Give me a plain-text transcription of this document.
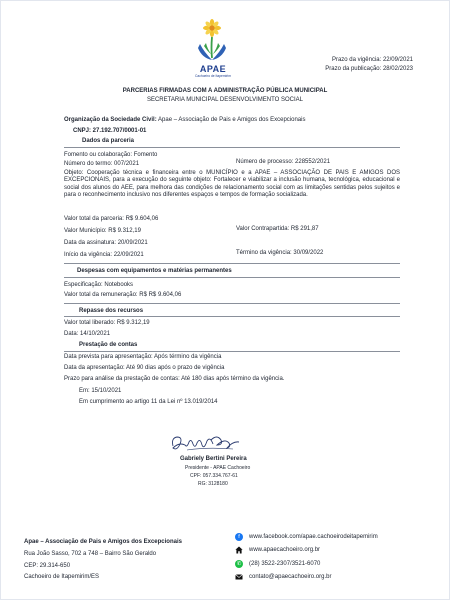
APAE
Cachoeiro de Itapemirim
Prazo da vigência: 22/09/2021
Prazo da publicação: 28/02/2023
PARCERIAS FIRMADAS COM A ADMINISTRAÇÃO PÚBLICA MUNICIPAL
SECRETARIA MUNICIPAL DESENVOLVIMENTO SOCIAL
Organização da Sociedade Civil: Apae – Associação de Pais e Amigos dos Excepcionais
CNPJ: 27.192.707/0001-01
Dados da parceria
Fomento ou colaboração: Fomento
Número do termo: 007/2021	Número de processo: 228552/2021
Objeto: Cooperação técnica e financeira entre o MUNICÍPIO e a APAE – ASSOCIAÇÃO DE PAIS E AMIGOS DOS EXCEPCIONAIS, para a execução do seguinte objeto: Fortalecer e viabilizar a inclusão humana, tecnológica, educacional e social dos alunos do AEE, para melhora das condições de relacionamento social com as limitações sentidas pelos sujeitos e para o reconhecimento inclusivo nos diferentes espaços e tempos de formação socializada.
Valor total da parceria: R$ 9.604,06
Valor Município: R$ 9.312,19	Valor Contrapartida: R$ 291,87
Data da assinatura: 20/09/2021
Início da vigência: 22/09/2021	Término da vigência: 30/09/2022
Despesas com equipamentos e matérias permanentes
Especificação: Notebooks
Valor total da remuneração: R$ R$ 9.604,06
Repasse dos recursos
Valor total liberado: R$ 9.312,19
Data: 14/10/2021
Prestação de contas
Data prevista para apresentação: Após término da vigência
Data da apresentação: Até 90 dias após o prazo de vigência
Prazo para análise da prestação de contas: Até 180 dias após término da vigência.
Em: 15/10/2021
Em cumprimento ao artigo 11 da Lei nº 13.019/2014
Gabriely Bertini Pereira
Presidente - APAE Cachoeiro
CPF: 057.334.767-61
RG: 3128180
Apae – Associação de Pais e Amigos dos Excepcionais
Rua João Sasso, 702 a 748 – Bairro São Geraldo
CEP: 29.314-650
Cachoeiro de Itapemirim/ES
f	www.facebook.com/apae.cachoeirodeitapemirim
www.apaecachoeiro.org.br
✆ (28) 3522-2307/3521-6070
contato@apaecachoeiro.org.br
